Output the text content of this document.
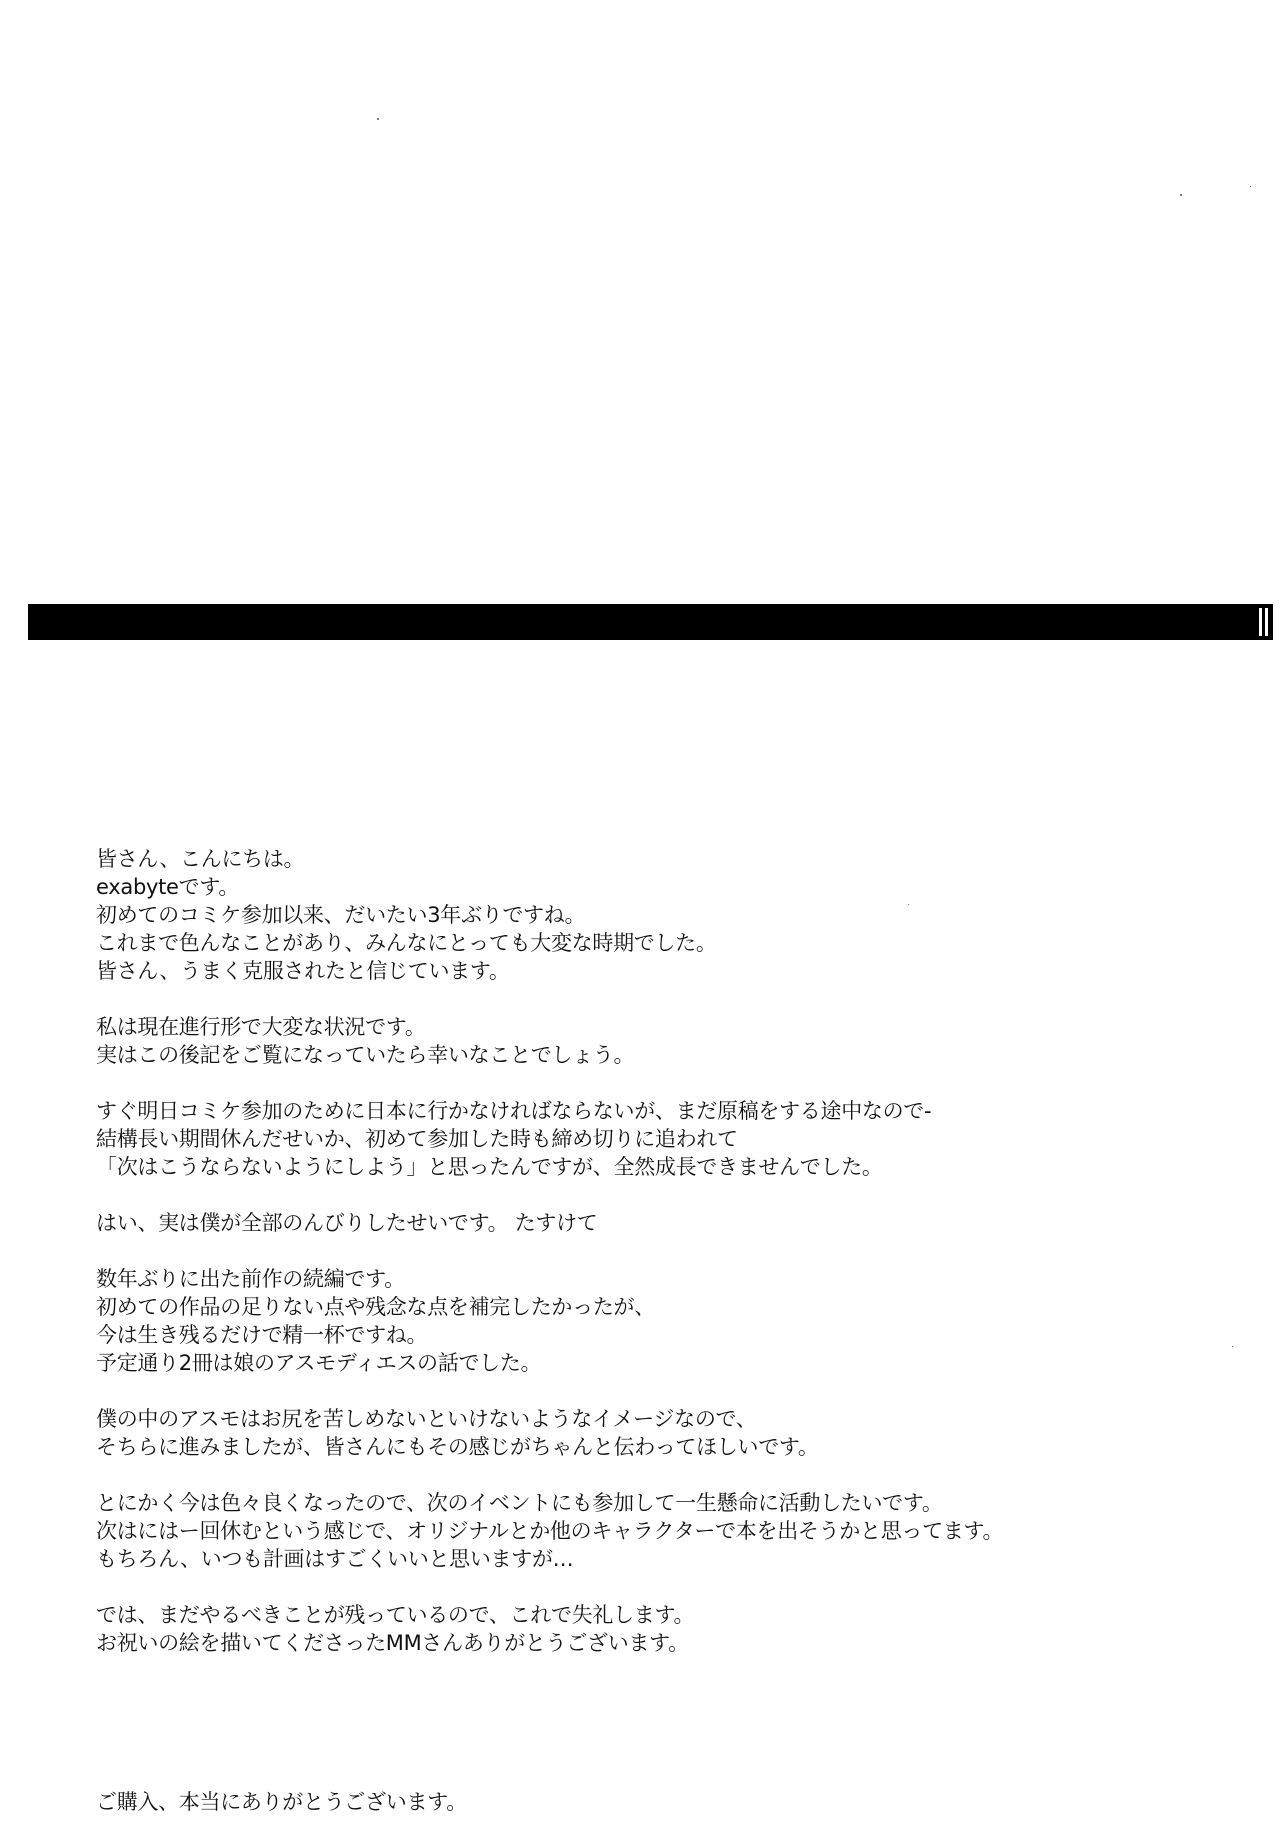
皆さん、こんにちは。
exabyteです。
初めてのコミケ参加以来、だいたい3年ぶりですね。
これまで色んなことがあり、みんなにとっても大変な時期でした。
皆さん、うまく克服されたと信じています。

私は現在進行形で大変な状況です。
実はこの後記をご覧になっていたら幸いなことでしょう。

すぐ明日コミケ参加のために日本に行かなければならないが、まだ原稿をする途中なので-
結構長い期間休んだせいか、初めて参加した時も締め切りに追われて
「次はこうならないようにしよう」と思ったんですが、全然成長できませんでした。

はい、実は僕が全部のんびりしたせいです。 たすけて

数年ぶりに出た前作の続編です。
初めての作品の足りない点や残念な点を補完したかったが、
今は生き残るだけで精一杯ですね。
予定通り2冊は娘のアスモディエスの話でした。

僕の中のアスモはお尻を苦しめないといけないようなイメージなので、
そちらに進みましたが、皆さんにもその感じがちゃんと伝わってほしいです。

とにかく今は色々良くなったので、次のイベントにも参加して一生懸命に活動したいです。
次はにはー回休むという感じで、オリジナルとか他のキャラクターで本を出そうかと思ってます。
もちろん、いつも計画はすごくいいと思いますが…

では、まだやるべきことが残っているので、これで失礼します。
お祝いの絵を描いてくださったMMさんありがとうございます。

ご購入、本当にありがとうございます。
